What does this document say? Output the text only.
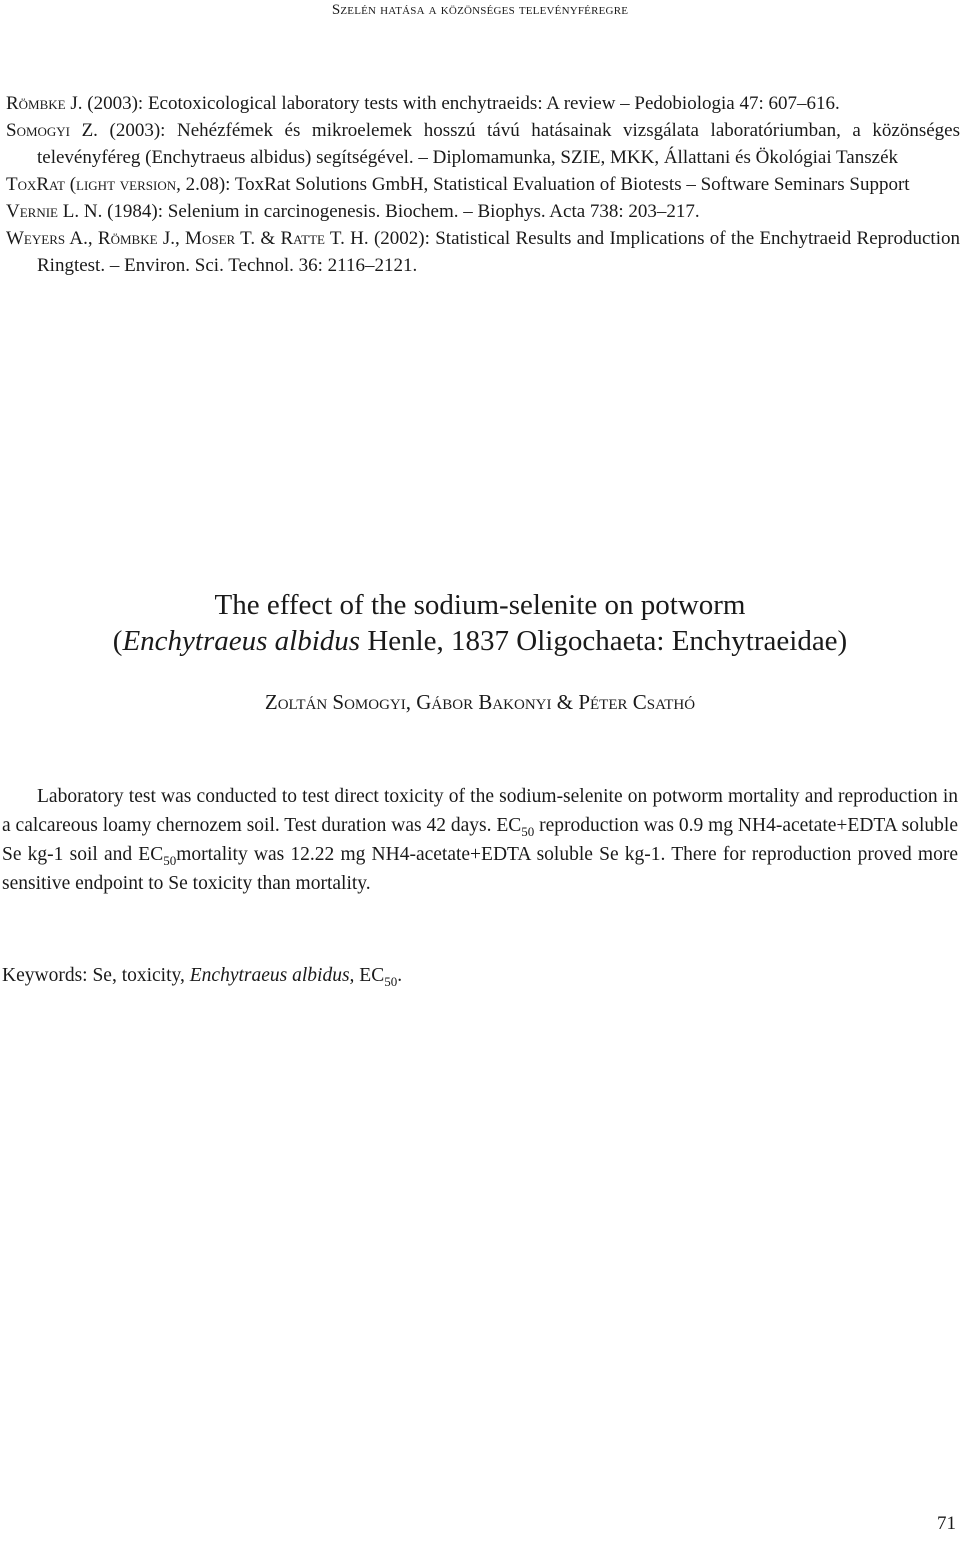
Szelén hatása a közönséges televényféregre

Römbke J. (2003): Ecotoxicological laboratory tests with enchytraeids: A review – Pedobiologia 47: 607–616.

Somogyi Z. (2003): Nehézfémek és mikroelemek hosszú távú hatásainak vizsgálata laboratóriumban, a közönséges televényféreg (Enchytraeus albidus) segítségével. – Diplomamunka, SZIE, MKK, Állattani és Ökológiai Tanszék

ToxRat (light version, 2.08): ToxRat Solutions GmbH, Statistical Evaluation of Biotests – Software Seminars Support

Vernie L. N. (1984): Selenium in carcinogenesis. Biochem. – Biophys. Acta 738: 203–217.

Weyers A., Römbke J., Moser T. & Ratte T. H. (2002): Statistical Results and Implications of the Enchytraeid Reproduction Ringtest. – Environ. Sci. Technol. 36: 2116–2121.

The effect of the sodium-selenite on potworm
(Enchytraeus albidus Henle, 1837 Oligochaeta: Enchytraeidae)
Zoltán Somogyi, Gábor Bakonyi & Péter Csathó

Laboratory test was conducted to test direct toxicity of the sodium-selenite on potworm mortality and reproduction in a calcareous loamy chernozem soil. Test duration was 42 days. $EC_{50}$ reproduction was 0.9 mg NH4-acetate+EDTA soluble Se kg-1 soil and $EC_{50}mortality$ was 12.22 mg NH4-acetate+EDTA soluble Se kg-1. There for reproduction proved more sensitive endpoint to Se toxicity than mortality.

Keywords: Se, toxicity, Enchytraeus albidus, $EC_{50}$.
71
